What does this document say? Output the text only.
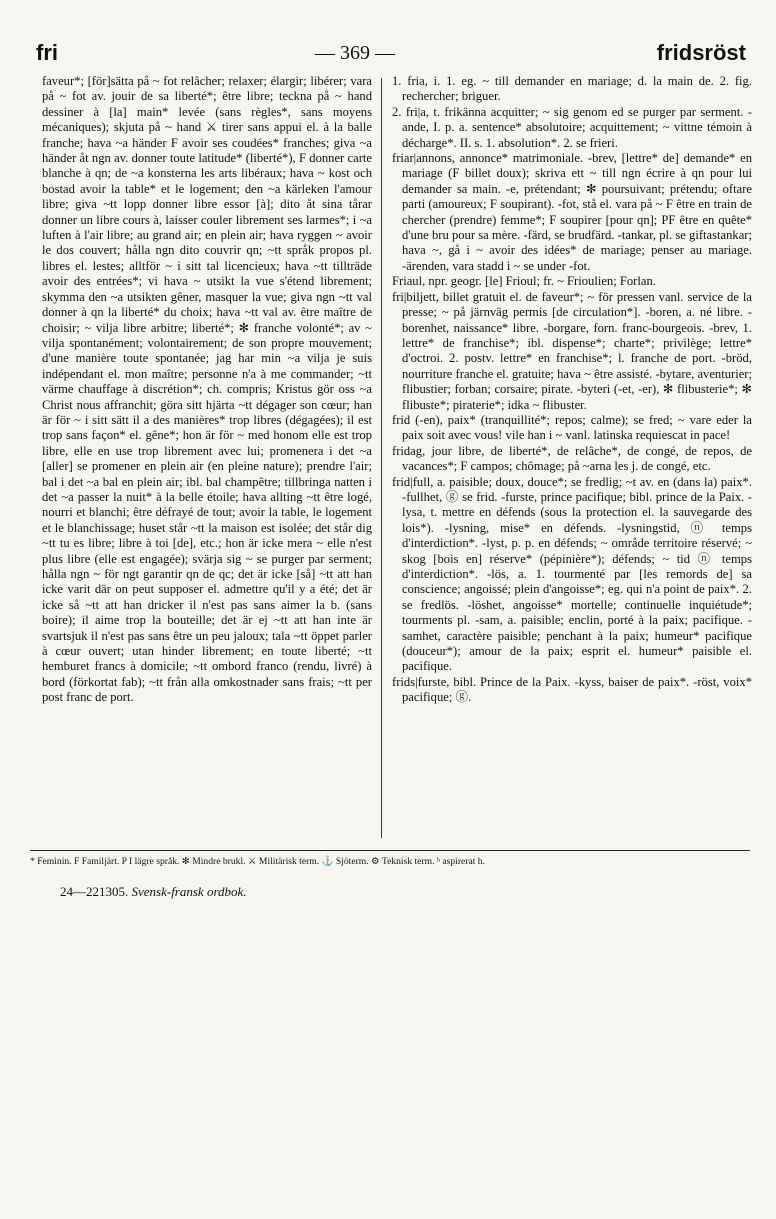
fri	— 369 —	fridsröst

faveur*; [för]sätta på ~ fot relâcher; relaxer; élargir; libérer; vara på ~ fot av. jouir de sa liberté*; être libre; teckna på ~ hand dessiner à [la] main* levée (sans règles*, sans moyens mécaniques); skjuta på ~ hand ⚔ tirer sans appui el. à la balle franche; hava ~a händer F avoir ses coudées* franches; giva ~a händer åt ngn av. donner toute latitude* (liberté*), F donner carte blanche à qn; de ~a konsterna les arts libéraux; hava ~ kost och bostad avoir la table* et le logement; den ~a kärleken l'amour libre; giva ~tt lopp donner libre essor [à]; dito åt sina tårar donner un libre cours à, laisser couler librement ses larmes*; i ~a luften à l'air libre; au grand air; en plein air; hava ryggen ~ avoir le dos couvert; hålla ngn dito couvrir qn; ~tt språk propos pl. libres el. lestes; alltför ~ i sitt tal licencieux; hava ~tt tillträde avoir des entrées*; vi hava ~ utsikt la vue s'étend librement; skymma den ~a utsikten gêner, masquer la vue; giva ngn ~tt val donner à qn la liberté* du choix; hava ~tt val av. être maître de choisir; ~ vilja libre arbitre; liberté*; ✻ franche volonté*; av ~ vilja spontanément; volontairement; de son propre mouvement; d'une manière toute spontanée; jag har min ~a vilja je suis indépendant el. mon maître; personne n'a à me commander; ~tt värme chauffage à discrétion*; ch. compris; Kristus gör oss ~a Christ nous affranchit; göra sitt hjärta ~tt dégager son cœur; han är för ~ i sitt sätt il a des manières* trop libres (dégagées); il est trop sans façon* el. gêne*; hon är för ~ med honom elle est trop libre, elle en use trop librement avec lui; promenera i det ~a [aller] se promener en plein air (en pleine nature); prendre l'air; bal i det ~a bal en plein air; ibl. bal champêtre; tillbringa natten i det ~a passer la nuit* à la belle étoile; hava allting ~tt être logé, nourri et blanchi; être défrayé de tout; avoir la table, le logement et le blanchissage; huset står ~tt la maison est isolée; det står dig ~tt tu es libre; libre à toi [de], etc.; hon är icke mera ~ elle n'est plus libre (elle est engagée); svärja sig ~ se purger par serment; hålla ngn ~ för ngt garantir qn de qc; det är icke [så] ~tt att han icke varit där on peut supposer el. admettre qu'il y a été; det är icke så ~tt att han dricker il n'est pas sans aimer la b. (sans boire); il aime trop la bouteille; det är ej ~tt att han inte är svartsjuk il n'est pas sans être un peu jaloux; tala ~tt öppet parler à cœur ouvert; utan hinder librement; en toute liberté; ~tt hemburet francs à domicile; ~tt ombord franco (rendu, livré) à bord (förkortat fab); ~tt från alla omkostnader sans frais; ~tt per post franc de port.

1. fria, i. 1. eg. ~ till demander en mariage; d. la main de. 2. fig. rechercher; briguer.

2. fri|a, t. frikänna acquitter; ~ sig genom ed se purger par serment. -ande, I. p. a. sentence* absolutoire; acquittement; ~ vittne témoin à décharge*. II. s. 1. absolution*. 2. se frieri.

friar|annons, annonce* matrimoniale. -brev, [lettre* de] demande* en mariage (F billet doux); skriva ett ~ till ngn écrire à qn pour lui demander sa main. -e, prétendant; ✻ poursuivant; prétendu; oftare parti (amoureux; F soupirant). -fot, stå el. vara på ~ F être en train de chercher (prendre) femme*; F soupirer [pour qn]; PF être en quête* d'une bru pour sa mère. -färd, se brudfärd. -tankar, pl. se giftastankar; hava ~, gå i ~ avoir des idées* de mariage; penser au mariage. -ärenden, vara stadd i ~ se under -fot.

Friaul, npr. geogr. [le] Frioul; fr. ~ Frioulien; Forlan.

fri|biljett, billet gratuit el. de faveur*; ~ för pressen vanl. service de la presse; ~ på järnväg permis [de circulation*]. -boren, a. né libre. -borenhet, naissance* libre. -borgare, forn. franc-bourgeois. -brev, 1. lettre* de franchise*; ibl. dispense*; charte*; privilège; lettre* d'octroi. 2. postv. lettre* en franchise*; l. franche de port. -bröd, nourriture franche el. gratuite; hava ~ être assisté. -bytare, aventurier; flibustier; forban; corsaire; pirate. -byteri (-et, -er), ✻ flibusterie*; ✻ flibuste*; piraterie*; idka ~ flibuster.

frid (-en), paix* (tranquillité*; repos; calme); se fred; ~ vare eder la paix soit avec vous! vile han i ~ vanl. latinska requiescat in pace!

fridag, jour libre, de liberté*, de relâche*, de congé, de repos, de vacances*; F campos; chômage; på ~arna les j. de congé, etc.

frid|full, a. paisible; doux, douce*; se fredlig; ~t av. en (dans la) paix*. -fullhet, ⓖ se frid. -furste, prince pacifique; bibl. prince de la Paix. -lysa, t. mettre en défends (sous la protection el. la sauvegarde des lois*). -lysning, mise* en défends. -lysningstid, ⓝ temps d'interdiction*. -lyst, p. p. en défends; ~ område territoire réservé; ~ skog [bois en] réserve* (pépinière*); défends; ~ tid ⓝ temps d'interdiction*. -lös, a. 1. tourmenté par [les remords de] sa conscience; angoissé; plein d'angoisse*; eg. qui n'a point de paix*. 2. se fredlös. -löshet, angoisse* mortelle; continuelle inquiétude*; tourments pl. -sam, a. paisible; enclin, porté à la paix; pacifique. -samhet, caractère paisible; penchant à la paix; humeur* pacifique (douceur*); amour de la paix; esprit el. humeur* paisible el. pacifique.

frids|furste, bibl. Prince de la Paix. -kyss, baiser de paix*. -röst, voix* pacifique; ⓖ.

* Feminin. F Familjärt. P I lägre språk. ✻ Mindre brukl. ⚔ Militärisk term. ⚓ Sjöterm. ⚙ Teknisk term. ʰ aspirerat h.
24—221305. Svensk-fransk ordbok.
